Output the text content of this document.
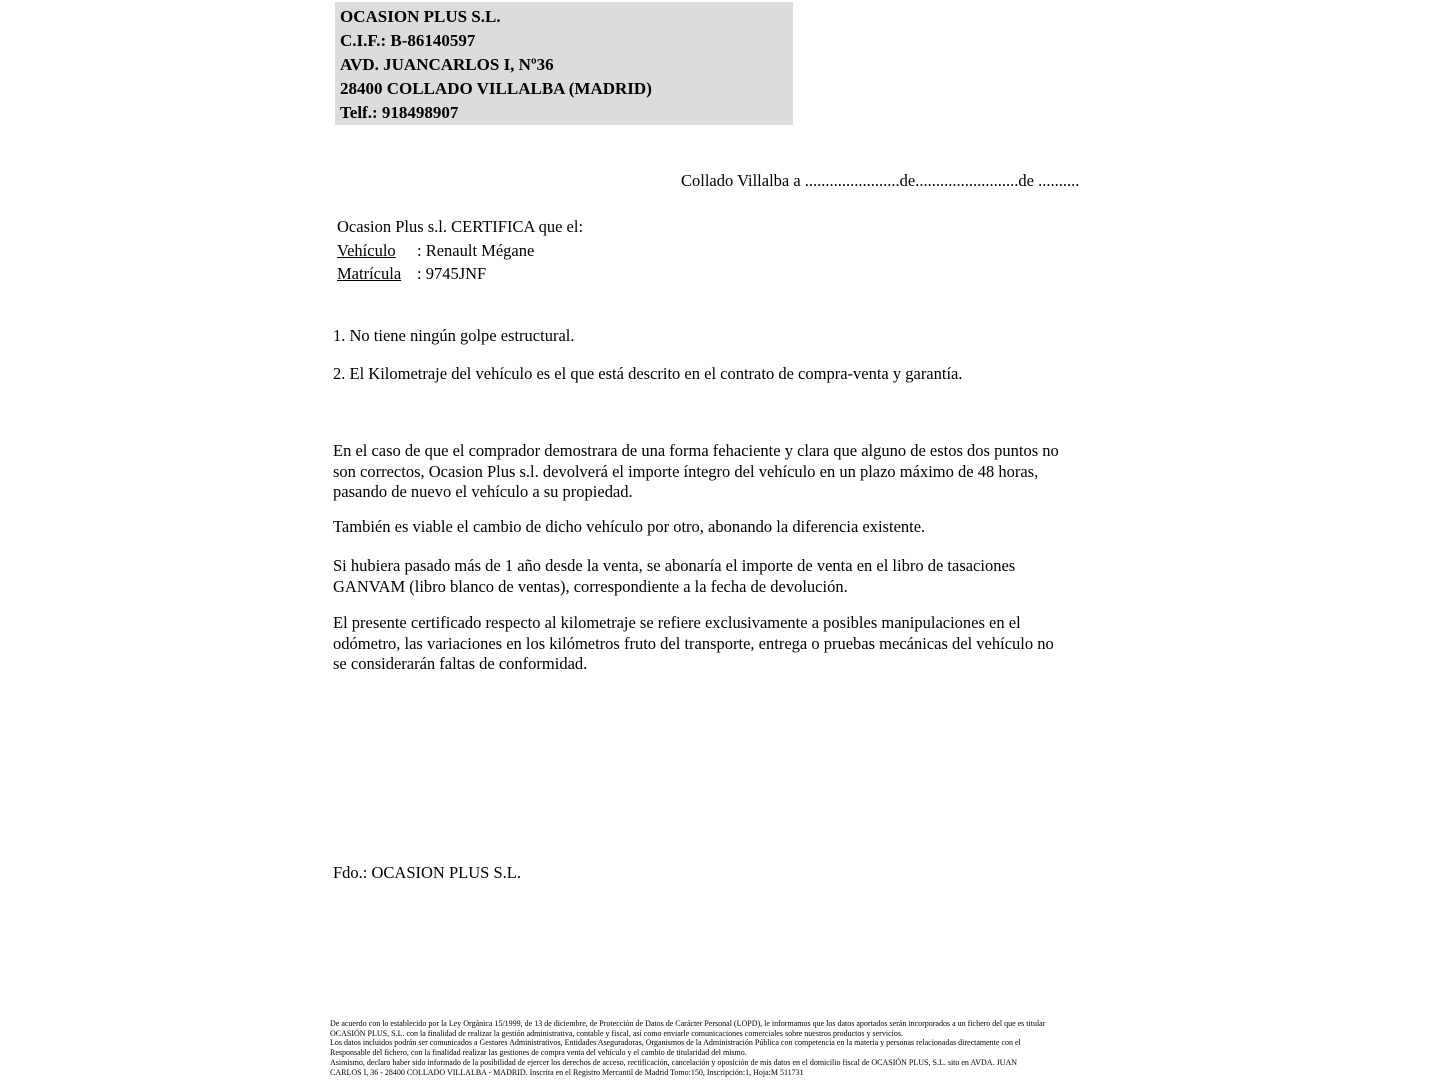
OCASION PLUS S.L.
C.I.F.: B-86140597
AVD. JUANCARLOS I, Nº36
28400 COLLADO VILLALBA (MADRID)
Telf.: 918498907
Collado Villalba a .......................de.........................de ..........
Ocasion Plus s.l. CERTIFICA que el:
Vehículo : Renault Mégane
Matrícula : 9745JNF
1. No tiene ningún golpe estructural.
2. El Kilometraje del vehículo es el que está descrito en el contrato de compra-venta y garantía.
En el caso de que el comprador demostrara de una forma fehaciente y clara que alguno de estos dos puntos no
son correctos, Ocasion Plus s.l. devolverá el importe íntegro del vehículo en un plazo máximo de 48 horas,
pasando de nuevo el vehículo a su propiedad.
También es viable el cambio de dicho vehículo por otro, abonando la diferencia existente.
Si hubiera pasado más de 1 año desde la venta, se abonaría el importe de venta en el libro de tasaciones
GANVAM (libro blanco de ventas), correspondiente a la fecha de devolución.
El presente certificado respecto al kilometraje se refiere exclusivamente a posibles manipulaciones en el
odómetro, las variaciones en los kilómetros fruto del transporte, entrega o pruebas mecánicas del vehículo no
se considerarán faltas de conformidad.
Fdo.: OCASION PLUS S.L.
De acuerdo con lo establecido por la Ley Orgánica 15/1999, de 13 de diciembre, de Protección de Datos de Carácter Personal (LOPD), le informamos que los datos aportados serán incorporados a un fichero del que es titular
OCASIÓN PLUS, S.L. con la finalidad de realizar la gestión administrativa, contable y fiscal, así como enviarle comunicaciones comerciales sobre nuestros productos y servicios.
Los datos incluidos podrán ser comunicados a Gestores Administrativos, Entidades Aseguradoras, Organismos de la Administración Pública con competencia en la materia y personas relacionadas directamente con el
Responsable del fichero, con la finalidad realizar las gestiones de compra venta del vehículo y el cambio de titularidad del mismo.
Asimismo, declaro haber sido informado de la posibilidad de ejercer los derechos de acceso, rectificación, cancelación y oposición de mis datos en el domicilio fiscal de OCASIÓN PLUS, S.L. sito en AVDA. JUAN
CARLOS I, 36 - 28400 COLLADO VILLALBA - MADRID. Inscrita en el Registro Mercantil de Madrid Tomo:150, Inscripción:1, Hoja:M 511731
